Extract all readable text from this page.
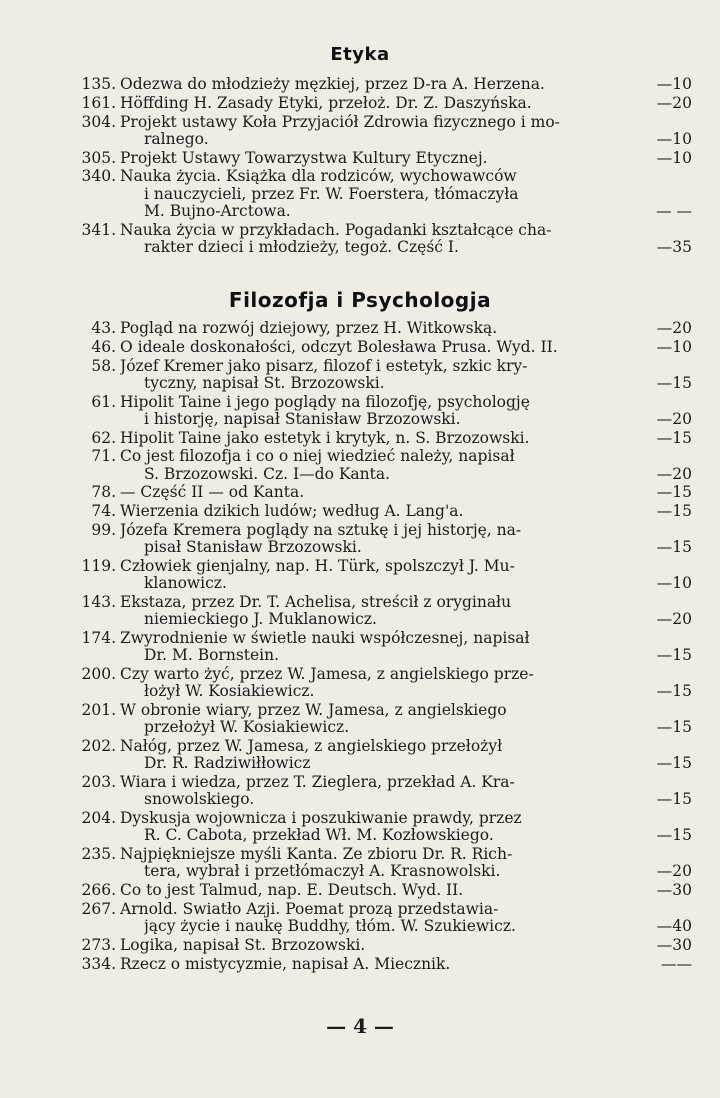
Etyka
135. Odezwa do młodzieży męzkiej, przez D-ra A. Herzena.	—10
161. Höffding H. Zasady Etyki, przełoż. Dr. Z. Daszyńska.	—20
304. Projekt ustawy Koła Przyjaciół Zdrowia fizycznego i mo-
ralnego.	—10
305. Projekt Ustawy Towarzystwa Kultury Etycznej.	—10
340. Nauka życia. Książka dla rodziców, wychowawców
i nauczycieli, przez Fr. W. Foerstera, tłómaczyła
M. Bujno-Arctowa.	— —
341. Nauka życia w przykładach. Pogadanki kształcące cha-
rakter dzieci i młodzieży, tegoż. Część I.	—35
Filozofja i Psychologja
43. Pogląd na rozwój dziejowy, przez H. Witkowską.	—20
46. O ideale doskonałości, odczyt Bolesława Prusa. Wyd. II.	—10
58. Józef Kremer jako pisarz, filozof i estetyk, szkic kry-
tyczny, napisał St. Brzozowski.	—15
61. Hipolit Taine i jego poglądy na filozofję, psychologję
i historję, napisał Stanisław Brzozowski.	—20
62. Hipolit Taine jako estetyk i krytyk, n. S. Brzozowski.	—15
71. Co jest filozofja i co o niej wiedzieć należy, napisał
S. Brzozowski. Cz. I—do Kanta.	—20
78. — Część II — od Kanta.	—15
74. Wierzenia dzikich ludów; według A. Lang'a.	—15
99. Józefa Kremera poglądy na sztukę i jej historję, na-
pisał Stanisław Brzozowski.	—15
119. Człowiek gienjalny, nap. H. Türk, spolszczył J. Mu-
klanowicz.	—10
143. Ekstaza, przez Dr. T. Achelisa, streścił z oryginału
niemieckiego J. Muklanowicz.	—20
174. Zwyrodnienie w świetle nauki współczesnej, napisał
Dr. M. Bornstein.	—15
200. Czy warto żyć, przez W. Jamesa, z angielskiego prze-
łożył W. Kosiakiewicz.	—15
201. W obronie wiary, przez W. Jamesa, z angielskiego
przełożył W. Kosiakiewicz.	—15
202. Nałóg, przez W. Jamesa, z angielskiego przełożył
Dr. R. Radziwiłłowicz	—15
203. Wiara i wiedza, przez T. Zieglera, przekład A. Kra-
snowolskiego.	—15
204. Dyskusja wojownicza i poszukiwanie prawdy, przez
R. C. Cabota, przekład Wł. M. Kozłowskiego.	—15
235. Najpiękniejsze myśli Kanta. Ze zbioru Dr. R. Rich-
tera, wybrał i przetłómaczył A. Krasnowolski.	—20
266. Co to jest Talmud, nap. E. Deutsch. Wyd. II.	—30
267. Arnold. Światło Azji. Poemat prozą przedstawia-
jący życie i naukę Buddhy, tłóm. W. Szukiewicz.	—40
273. Logika, napisał St. Brzozowski.	—30
334. Rzecz o mistycyzmie, napisał A. Miecznik.	——
— 4 —
